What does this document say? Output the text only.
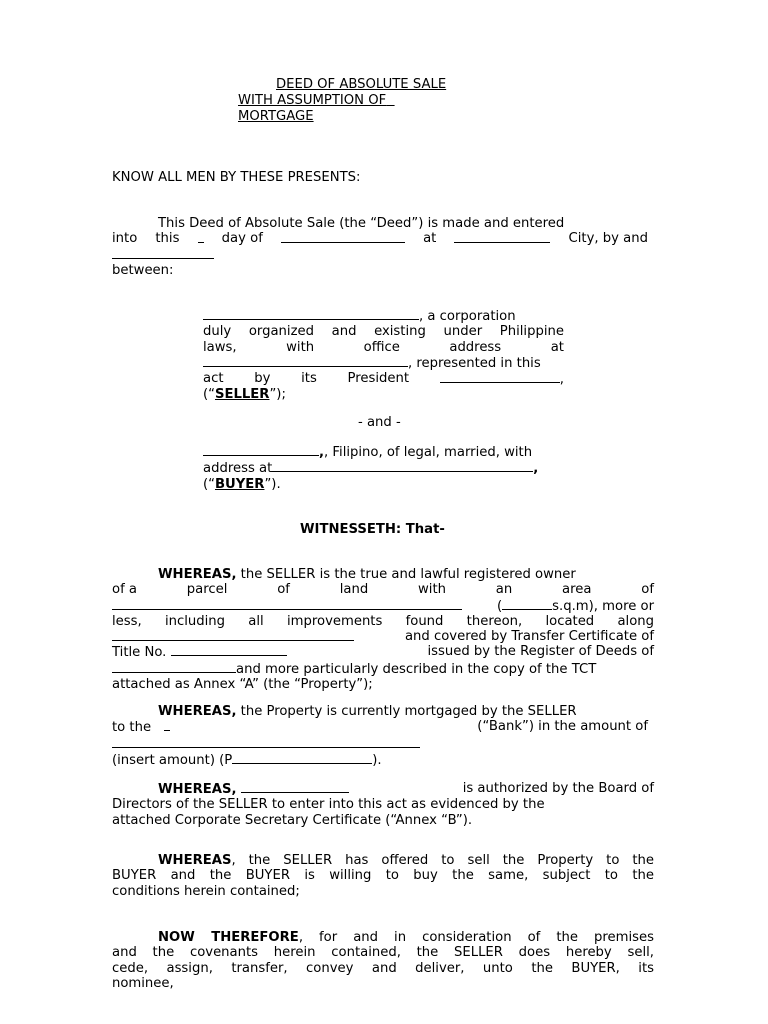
DEED OF ABSOLUTE SALE
WITH ASSUMPTION OF
MORTGAGE
KNOW ALL MEN BY THESE PRESENTS:
This Deed of Absolute Sale (the “Deed”) is made and entered
into this	day of	at	City, by and
between:
, a corporation
duly organized and existing under Philippine
laws,	with	office	address	at
, represented in this
act by its President	,
(“SELLER”);
- and -
,, Filipino, of legal, married, with
address at	,
(“BUYER”).
WITNESSETH: That-
WHEREAS, the SELLER is the true and lawful registered owner
of a	parcel	of	land	with	an	area	of
(	s.q.m), more or
less, including all improvements found thereon, located along
and covered by Transfer Certificate of
Title No.	issued by the Register of Deeds of
and more particularly described in the copy of the TCT
attached as Annex “A” (the “Property”);
WHEREAS, the Property is currently mortgaged by the SELLER
to the	(“Bank”) in the amount of
(insert amount) (P	).
WHEREAS,	is authorized by the Board of
Directors of the SELLER to enter into this act as evidenced by the
attached Corporate Secretary Certificate (“Annex “B”).
WHEREAS, the SELLER has offered to sell the Property to the
BUYER and the BUYER is willing to buy the same, subject to the
conditions herein contained;
NOW THEREFORE, for and in consideration of the premises
and the covenants herein contained, the SELLER does hereby sell,
cede, assign, transfer, convey and deliver, unto the BUYER, its
nominee,
